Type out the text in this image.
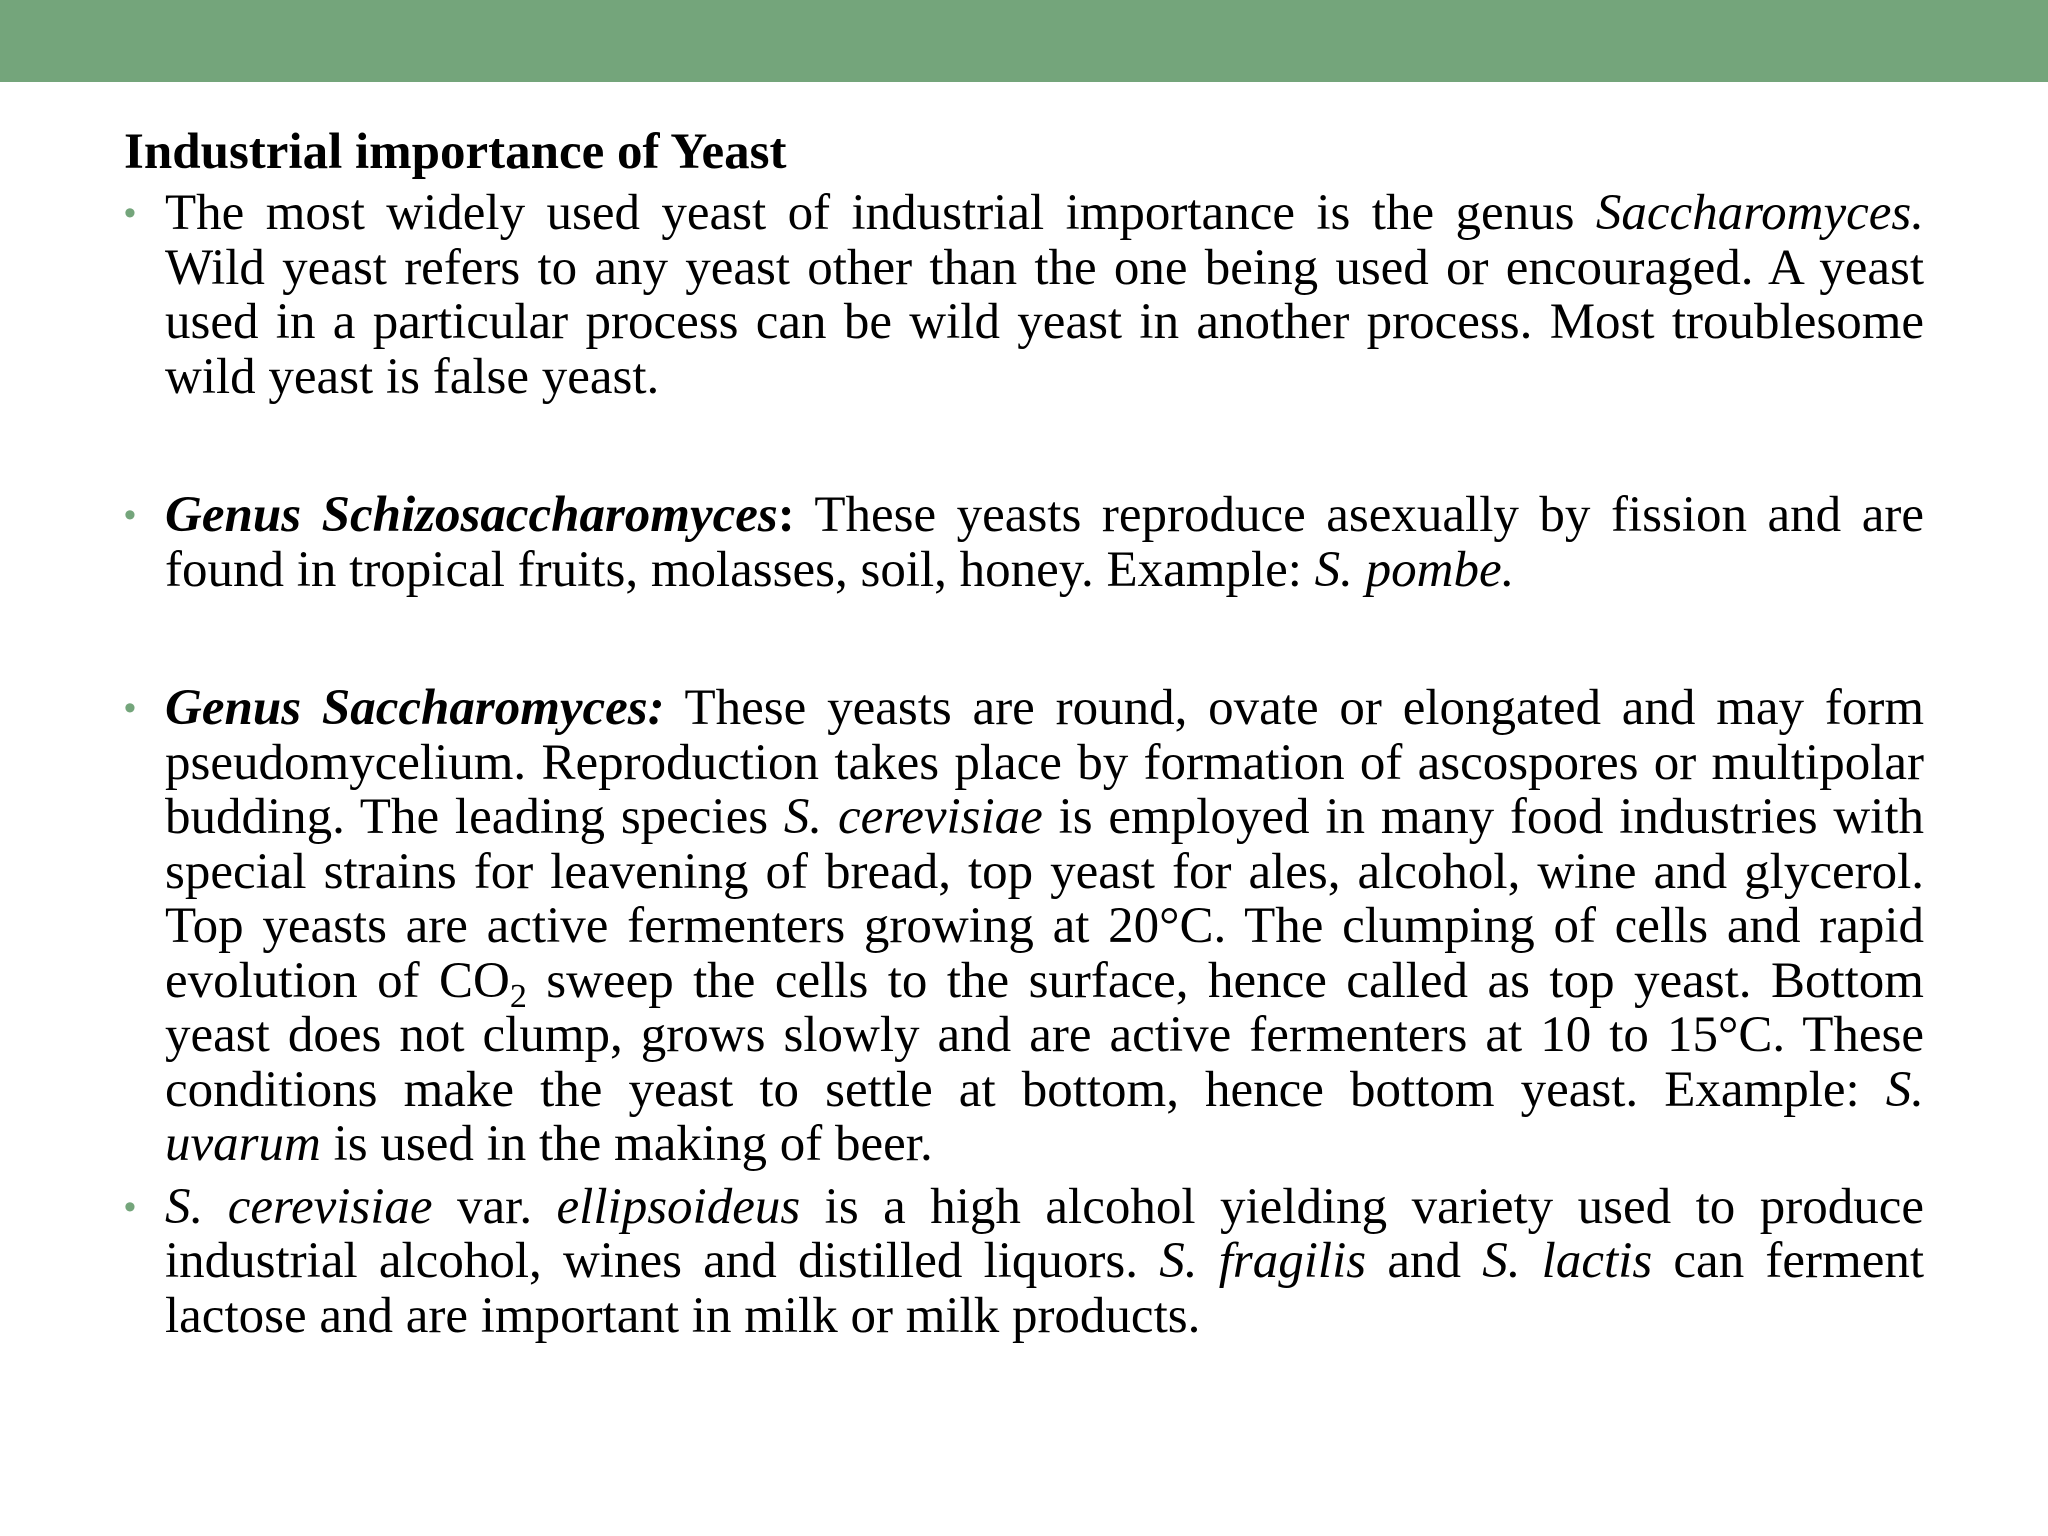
Industrial importance of Yeast
• The most widely used yeast of industrial importance is the genus Saccharomyces. Wild yeast refers to any yeast other than the one being used or encouraged. A yeast used in a particular process can be wild yeast in another process. Most troublesome wild yeast is false yeast.
• Genus Schizosaccharomyces: These yeasts reproduce asexually by fission and are found in tropical fruits, molasses, soil, honey. Example: S. pombe.
• Genus Saccharomyces: These yeasts are round, ovate or elongated and may form pseudomycelium. Reproduction takes place by formation of ascospores or multipolar budding. The leading species S. cerevisiae is employed in many food industries with special strains for leavening of bread, top yeast for ales, alcohol, wine and glycerol. Top yeasts are active fermenters growing at 20°C. The clumping of cells and rapid evolution of $CO_2$ sweep the cells to the surface, hence called as top yeast. Bottom yeast does not clump, grows slowly and are active fermenters at 10 to 15°C. These conditions make the yeast to settle at bottom, hence bottom yeast. Example: S. uvarum is used in the making of beer.
• S. cerevisiae var. ellipsoideus is a high alcohol yielding variety used to produce industrial alcohol, wines and distilled liquors. S. fragilis and S. lactis can ferment lactose and are important in milk or milk products.
